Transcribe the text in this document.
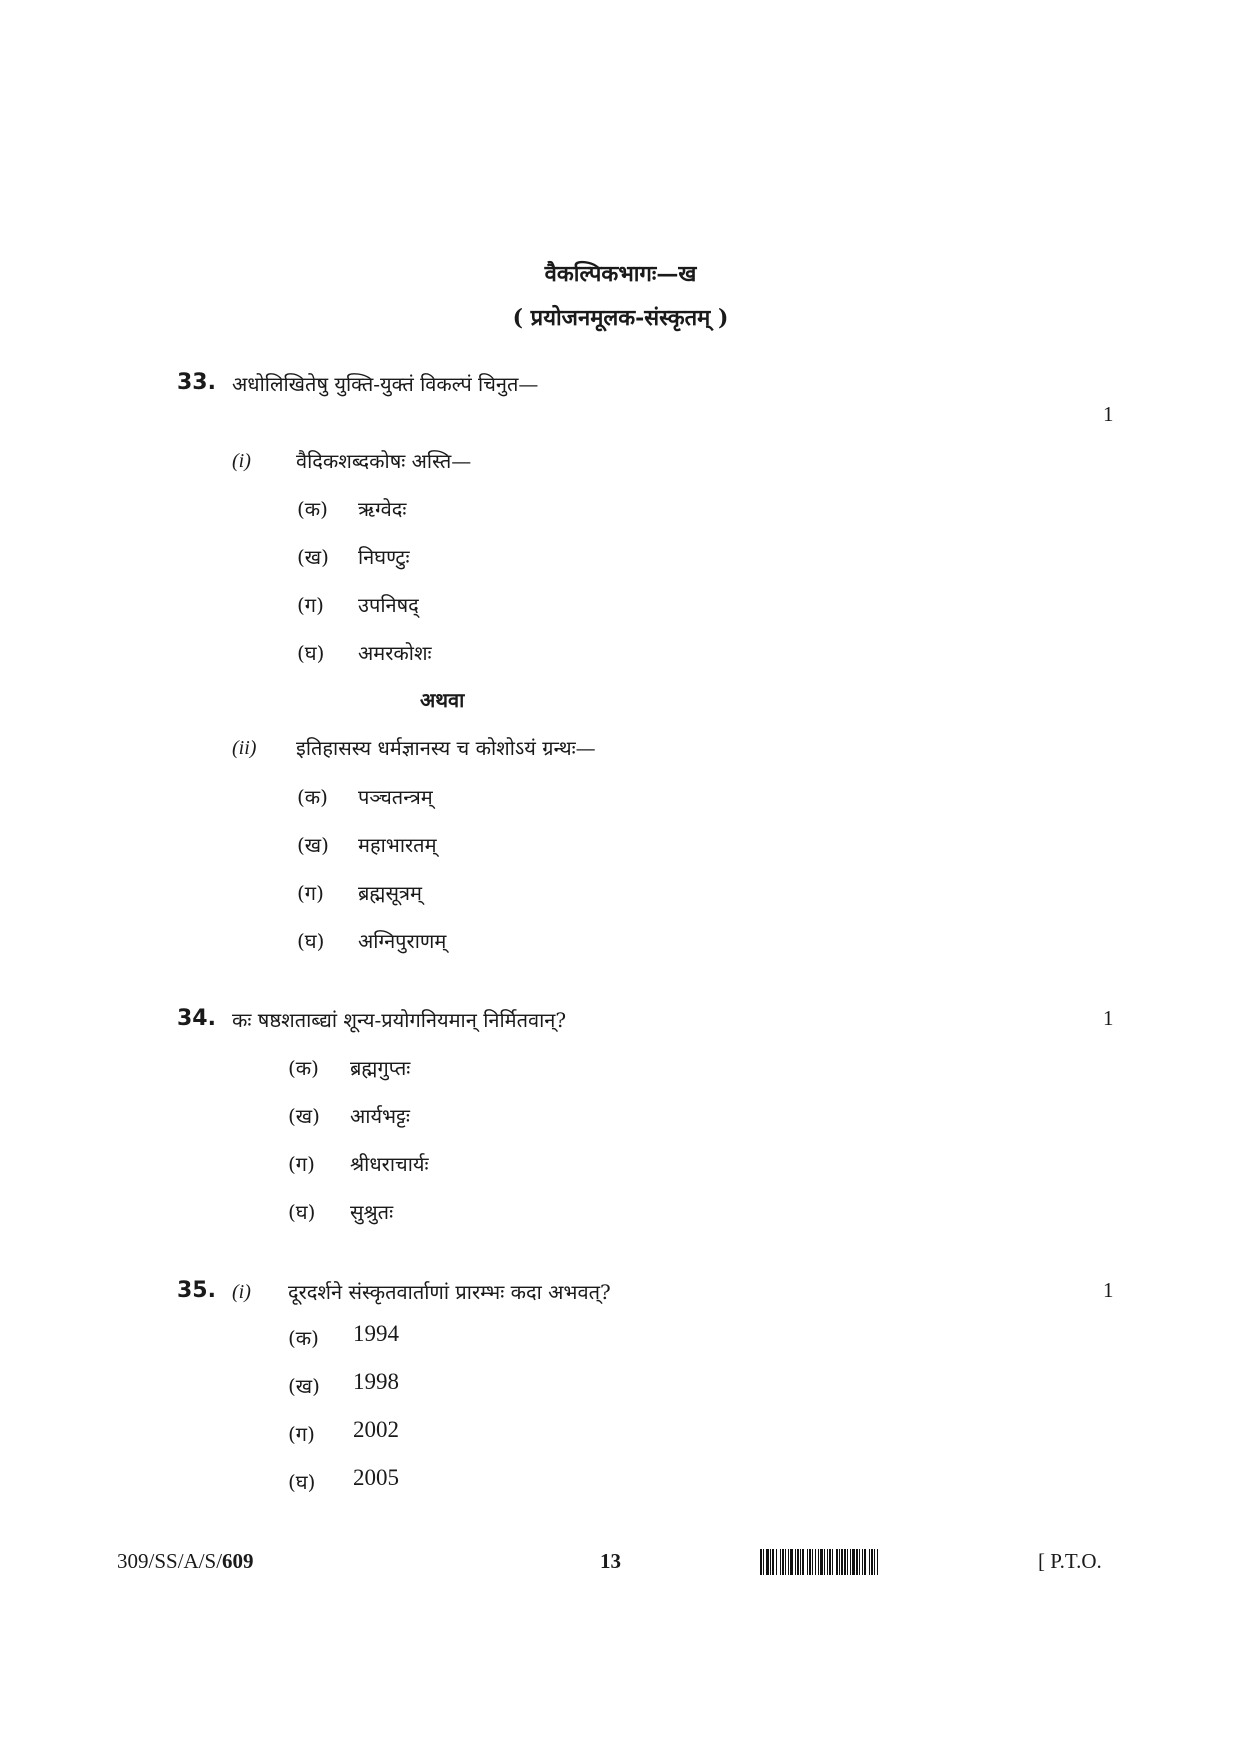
वैकल्पिकभागः—ख
( प्रयोजनमूलक-संस्कृतम् )
33. अधोलिखितेषु युक्ति-युक्तं विकल्पं चिनुत—
1
(i) वैदिकशब्दकोषः अस्ति—
(क) ऋग्वेदः
(ख) निघण्टुः
(ग) उपनिषद्
(घ) अमरकोशः
अथवा
(ii) इतिहासस्य धर्मज्ञानस्य च कोशोऽयं ग्रन्थः—
(क) पञ्चतन्त्रम्
(ख) महाभारतम्
(ग) ब्रह्मसूत्रम्
(घ) अग्निपुराणम्
34. कः षष्ठशताब्द्यां शून्य-प्रयोगनियमान् निर्मितवान्?	1
(क) ब्रह्मगुप्तः
(ख) आर्यभट्टः
(ग) श्रीधराचार्यः
(घ) सुश्रुतः
35. (i) दूरदर्शने संस्कृतवार्ताणां प्रारम्भः कदा अभवत्?	1
(क) 1994
(ख) 1998
(ग) 2002
(घ) 2005
309/SS/A/S/609	13	[ P.T.O.
